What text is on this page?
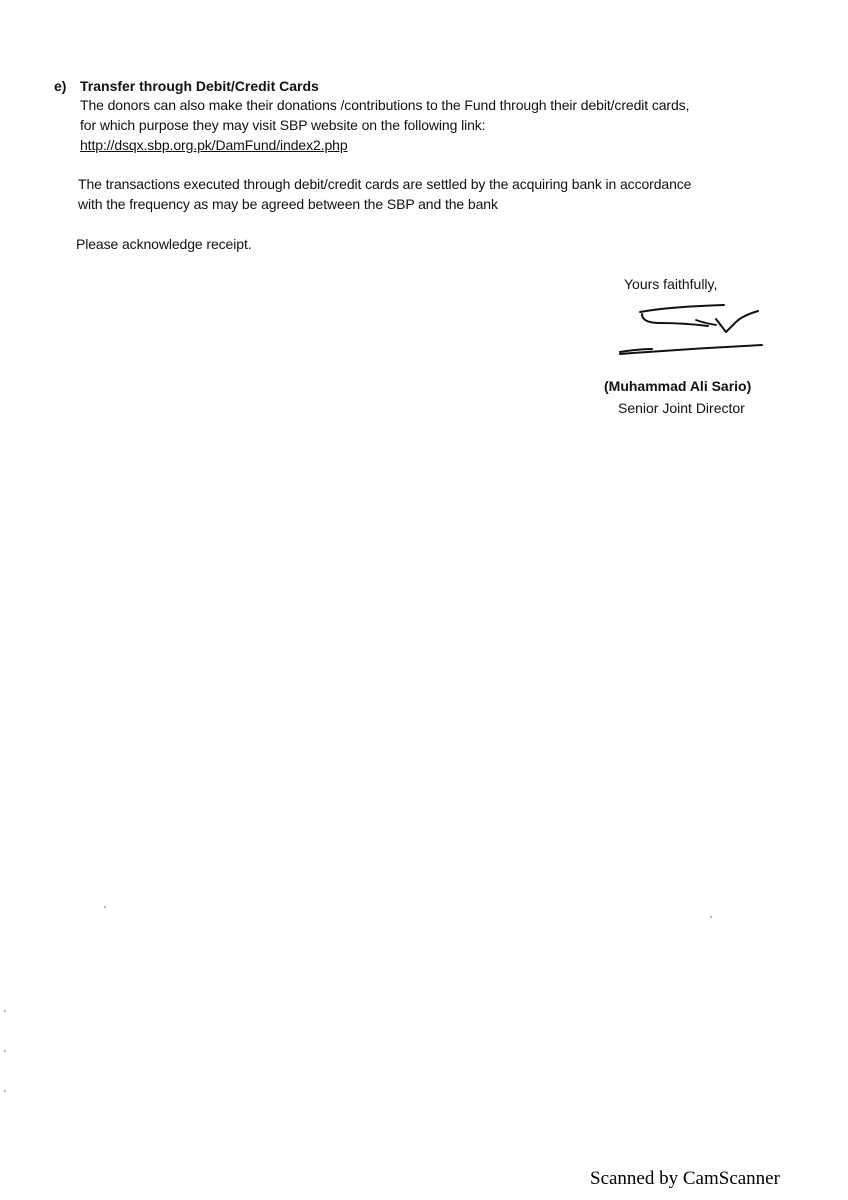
e) Transfer through Debit/Credit Cards
The donors can also make their donations /contributions to the Fund through their debit/credit cards,
for which purpose they may visit SBP website on the following link:
http://dsqx.sbp.org.pk/DamFund/index2.php
The transactions executed through debit/credit cards are settled by the acquiring bank in accordance
with the frequency as may be agreed between the SBP and the bank
Please acknowledge receipt.
Yours faithfully,
(Muhammad Ali Sario)
Senior Joint Director
Scanned by CamScanner
